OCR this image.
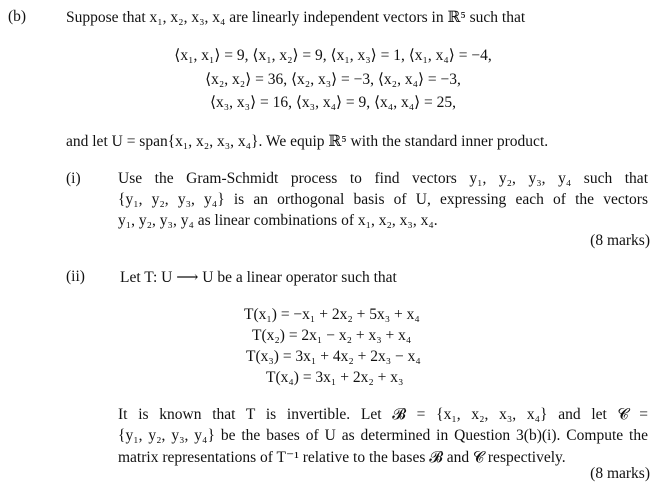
(b)	Suppose that x₁, x₂, x₃, x₄ are linearly independent vectors in ℝ⁵ such that
⟨x₁, x₁⟩ = 9, ⟨x₁, x₂⟩ = 9, ⟨x₁, x₃⟩ = 1, ⟨x₁, x₄⟩ = −4,
⟨x₂, x₂⟩ = 36, ⟨x₂, x₃⟩ = −3, ⟨x₂, x₄⟩ = −3,
⟨x₃, x₃⟩ = 16, ⟨x₃, x₄⟩ = 9, ⟨x₄, x₄⟩ = 25,
and let U = span{x₁, x₂, x₃, x₄}. We equip ℝ⁵ with the standard inner product.
(i) Use the Gram-Schmidt process to find vectors y₁, y₂, y₃, y₄ such that
{y₁, y₂, y₃, y₄} is an orthogonal basis of U, expressing each of the vectors
y₁, y₂, y₃, y₄ as linear combinations of x₁, x₂, x₃, x₄.
(8 marks)
(ii) Let T: U ⟶ U be a linear operator such that
T(x₁) = −x₁ + 2x₂ + 5x₃ + x₄
T(x₂) = 2x₁ − x₂ + x₃ + x₄
T(x₃) = 3x₁ + 4x₂ + 2x₃ − x₄
T(x₄) = 3x₁ + 2x₂ + x₃
It is known that T is invertible. Let 𝓑 = {x₁, x₂, x₃, x₄} and let 𝓒 =
{y₁, y₂, y₃, y₄} be the bases of U as determined in Question 3(b)(i). Compute the
matrix representations of T⁻¹ relative to the bases 𝓑 and 𝓒 respectively.
(8 marks)
